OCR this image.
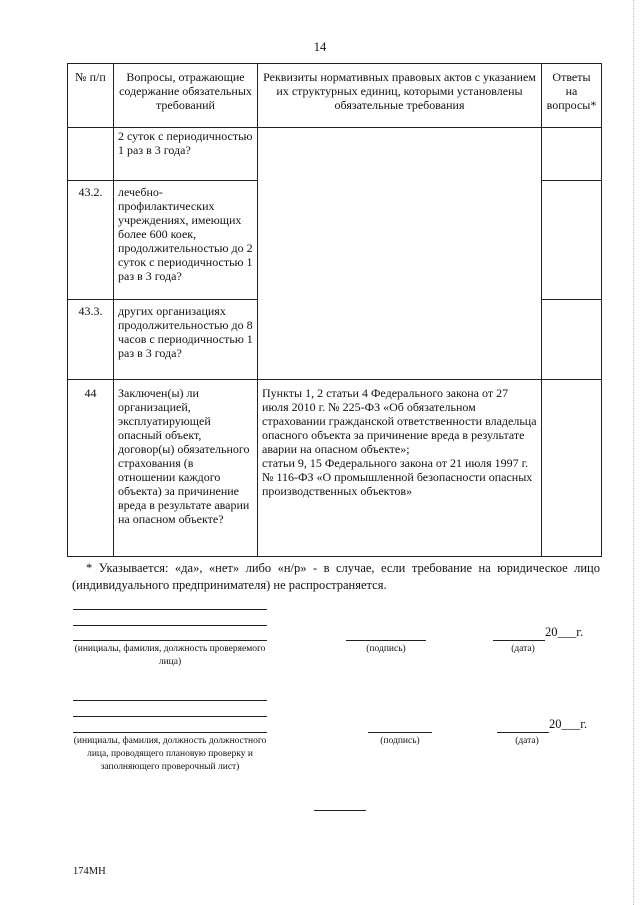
14
№ п/п	Вопросы, отражающие содержание обязательных требований	Реквизиты нормативных правовых актов с указанием их структурных единиц, которыми установлены обязательные требования	Ответы на вопросы*
	2 суток с периодичностью 1 раз в 3 года?		
43.2.	лечебно-профилактических учреждениях, имеющих более 600 коек, продолжительностью до 2 суток с периодичностью 1 раз в 3 года?		
43.3.	других организациях продолжительностью до 8 часов с периодичностью 1 раз в 3 года?		
44	Заключен(ы) ли организацией, эксплуатирующей опасный объект, договор(ы) обязательного страхования (в отношении каждого объекта) за причинение вреда в результате аварии на опасном объекте?	Пункты 1, 2 статьи 4 Федерального закона от 27 июля 2010 г. № 225-ФЗ «Об обязательном страховании гражданской ответственности владельца опасного объекта за причинение вреда в результате аварии на опасном объекте»;
статьи 9, 15 Федерального закона от 21 июля 1997 г. № 116-ФЗ «О промышленной безопасности опасных производственных объектов»	

* Указывается: «да», «нет» либо «н/р» - в случае, если требование на юридическое лицо (индивидуального предпринимателя) не распространяется.
(инициалы, фамилия, должность проверяемого лица)
(подпись)
20___г.
(дата)
(инициалы, фамилия, должность должностного лица, проводящего плановую проверку и заполняющего проверочный лист)
(подпись)
20___г.
(дата)
174МН
